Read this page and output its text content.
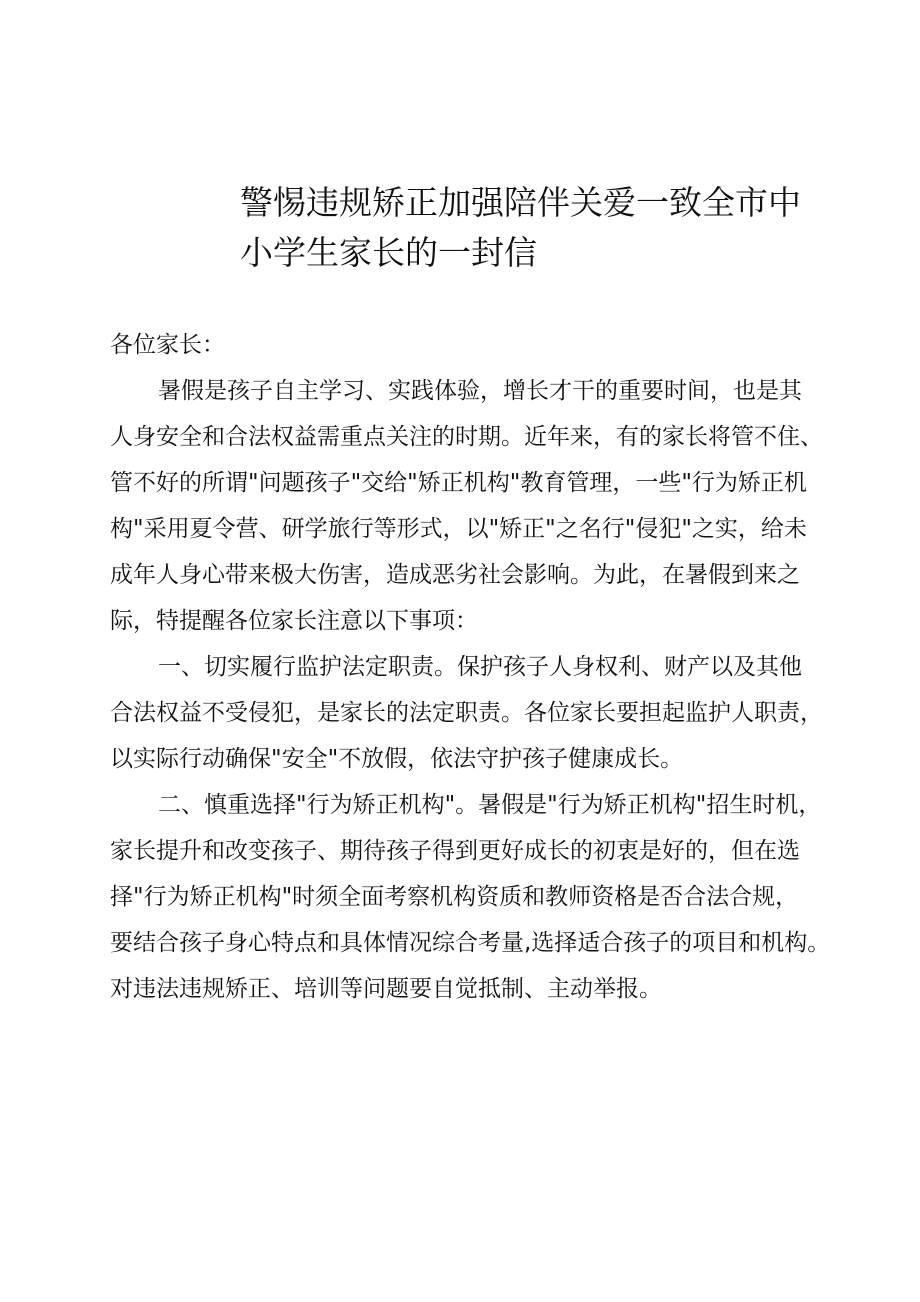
警惕违规矫正加强陪伴关爱一致全市中
小学生家长的一封信

各位家长：

暑假是孩子自主学习、实践体验，增长才干的重要时间，也是其
人身安全和合法权益需重点关注的时期。近年来，有的家长将管不住、
管不好的所谓"问题孩子"交给"矫正机构"教育管理，一些"行为矫正机
构"采用夏令营、研学旅行等形式，以"矫正"之名行"侵犯"之实，给未
成年人身心带来极大伤害，造成恶劣社会影响。为此，在暑假到来之
际，特提醒各位家长注意以下事项：
一、切实履行监护法定职责。保护孩子人身权利、财产以及其他
合法权益不受侵犯，是家长的法定职责。各位家长要担起监护人职责，
以实际行动确保"安全"不放假，依法守护孩子健康成长。
二、慎重选择"行为矫正机构"。暑假是"行为矫正机构"招生时机，
家长提升和改变孩子、期待孩子得到更好成长的初衷是好的，但在选
择"行为矫正机构"时须全面考察机构资质和教师资格是否合法合规，
要结合孩子身心特点和具体情况综合考量,选择适合孩子的项目和机构。
对违法违规矫正、培训等问题要自觉抵制、主动举报。
